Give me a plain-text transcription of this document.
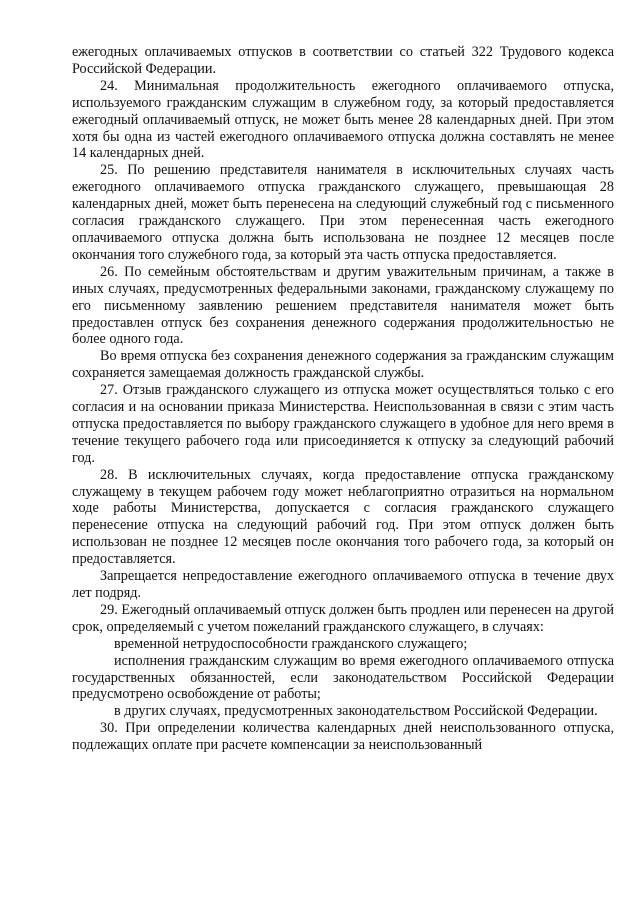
ежегодных оплачиваемых отпусков в соответствии со статьей 322 Трудового кодекса Российской Федерации.

24. Минимальная продолжительность ежегодного оплачиваемого отпуска, используемого гражданским служащим в служебном году, за который предоставляется ежегодный оплачиваемый отпуск, не может быть менее 28 календарных дней. При этом хотя бы одна из частей ежегодного оплачиваемого отпуска должна составлять не менее 14 календарных дней.

25. По решению представителя нанимателя в исключительных случаях часть ежегодного оплачиваемого отпуска гражданского служащего, превышающая 28 календарных дней, может быть перенесена на следующий служебный год с письменного согласия гражданского служащего. При этом перенесенная часть ежегодного оплачиваемого отпуска должна быть использована не позднее 12 месяцев после окончания того служебного года, за который эта часть отпуска предоставляется.

26. По семейным обстоятельствам и другим уважительным причинам, а также в иных случаях, предусмотренных федеральными законами, гражданскому служащему по его письменному заявлению решением представителя нанимателя может быть предоставлен отпуск без сохранения денежного содержания продолжительностью не более одного года.

Во время отпуска без сохранения денежного содержания за гражданским служащим сохраняется замещаемая должность гражданской службы.

27. Отзыв гражданского служащего из отпуска может осуществляться только с его согласия и на основании приказа Министерства. Неиспользованная в связи с этим часть отпуска предоставляется по выбору гражданского служащего в удобное для него время в течение текущего рабочего года или присоединяется к отпуску за следующий рабочий год.

28. В исключительных случаях, когда предоставление отпуска гражданскому служащему в текущем рабочем году может неблагоприятно отразиться на нормальном ходе работы Министерства, допускается с согласия гражданского служащего перенесение отпуска на следующий рабочий год. При этом отпуск должен быть использован не позднее 12 месяцев после окончания того рабочего года, за который он предоставляется.

Запрещается непредоставление ежегодного оплачиваемого отпуска в течение двух лет подряд.

29. Ежегодный оплачиваемый отпуск должен быть продлен или перенесен на другой срок, определяемый с учетом пожеланий гражданского служащего, в случаях:

временной нетрудоспособности гражданского служащего;

исполнения гражданским служащим во время ежегодного оплачиваемого отпуска государственных обязанностей, если законодательством Российской Федерации предусмотрено освобождение от работы;

в других случаях, предусмотренных законодательством Российской Федерации.

30. При определении количества календарных дней неиспользованного отпуска, подлежащих оплате при расчете компенсации за неиспользованный
